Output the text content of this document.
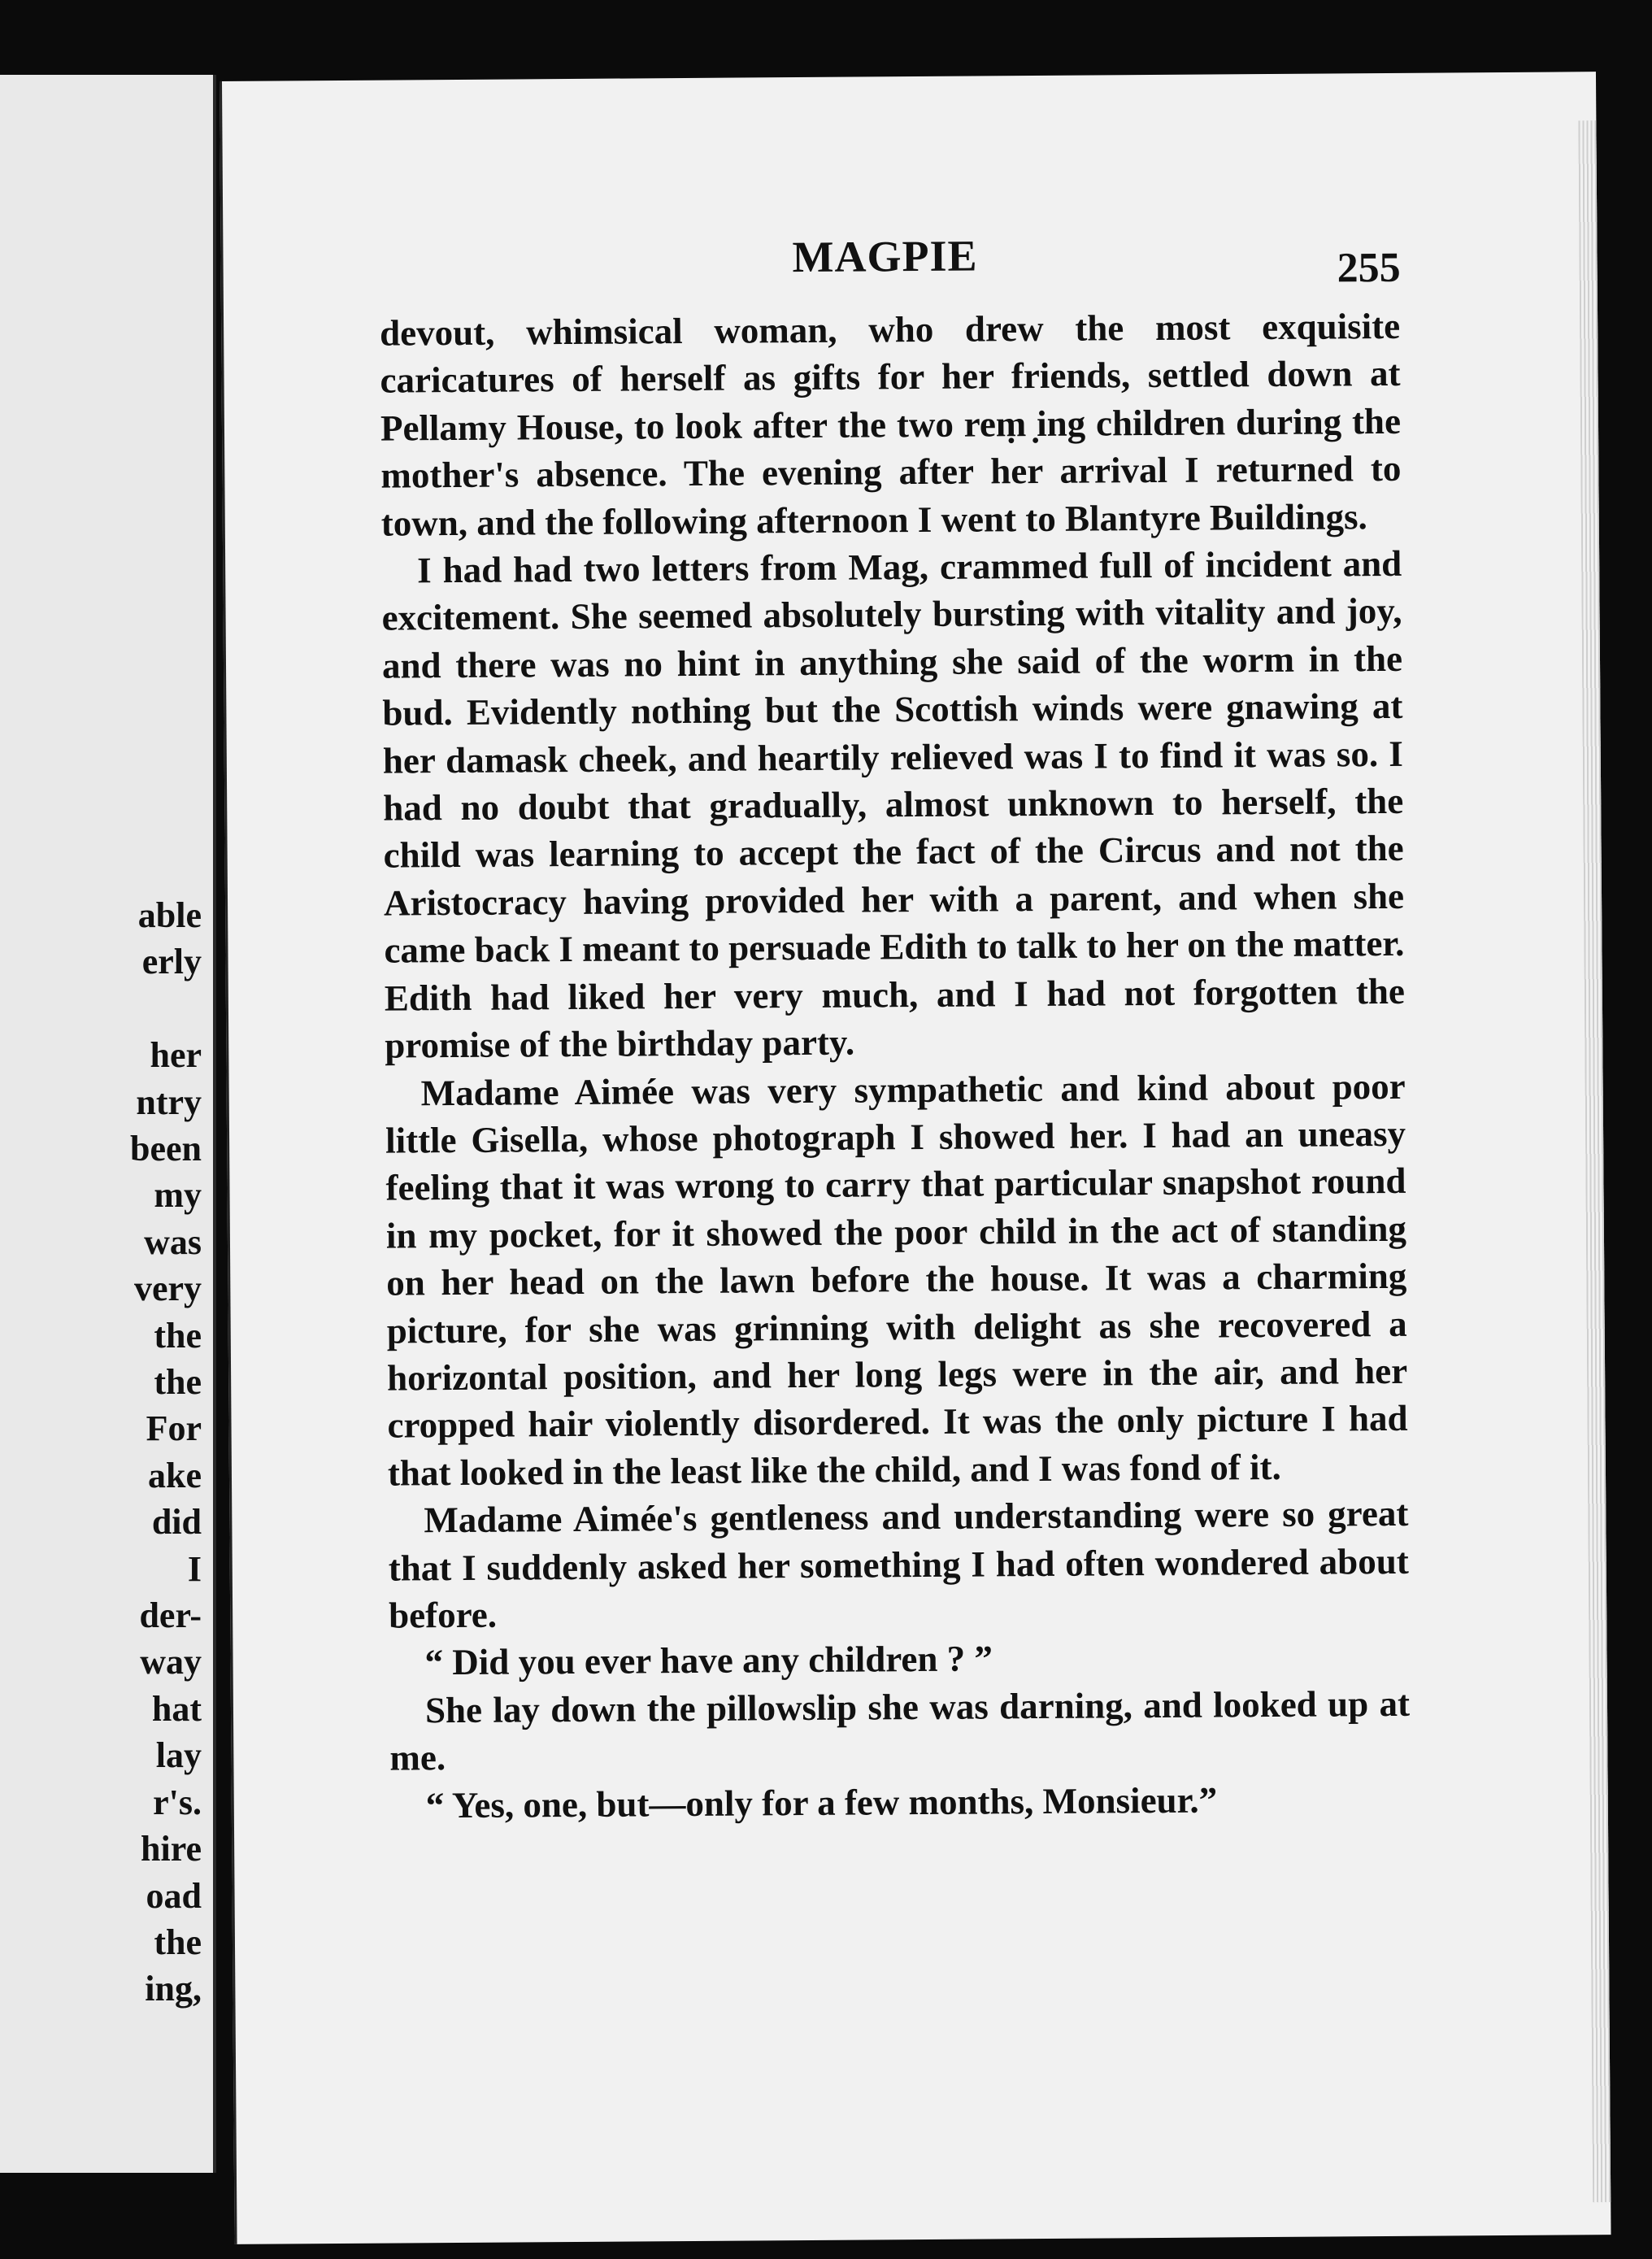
able
erly
her
ntry
been
my
was
very
the
the
For
ake
did
I
der-
way
hat
lay
r's.
hire
oad
the
ing,
MAGPIE	255

devout, whimsical woman, who drew the most exquisite caricatures of herself as gifts for her friends, settled down at Pellamy House, to look after the two reṃ ̣ing children during the mother's absence. The evening after her arrival I returned to town, and the following afternoon I went to Blantyre Buildings.

I had had two letters from Mag, crammed full of incident and excitement. She seemed absolutely bursting with vitality and joy, and there was no hint in anything she said of the worm in the bud. Evidently nothing but the Scottish winds were gnawing at her damask cheek, and heartily relieved was I to find it was so. I had no doubt that gradually, almost unknown to herself, the child was learning to accept the fact of the Circus and not the Aristocracy having provided her with a parent, and when she came back I meant to persuade Edith to talk to her on the matter. Edith had liked her very much, and I had not forgotten the promise of the birthday party.

Madame Aimée was very sympathetic and kind about poor little Gisella, whose photograph I showed her. I had an uneasy feeling that it was wrong to carry that particular snapshot round in my pocket, for it showed the poor child in the act of standing on her head on the lawn before the house. It was a charming picture, for she was grinning with delight as she recovered a horizontal position, and her long legs were in the air, and her cropped hair violently disordered. It was the only picture I had that looked in the least like the child, and I was fond of it.

Madame Aimée's gentleness and understanding were so great that I suddenly asked her something I had often wondered about before.

“ Did you ever have any children ? ”

She lay down the pillowslip she was darning, and looked up at me.

“ Yes, one, but—only for a few months, Monsieur.”
